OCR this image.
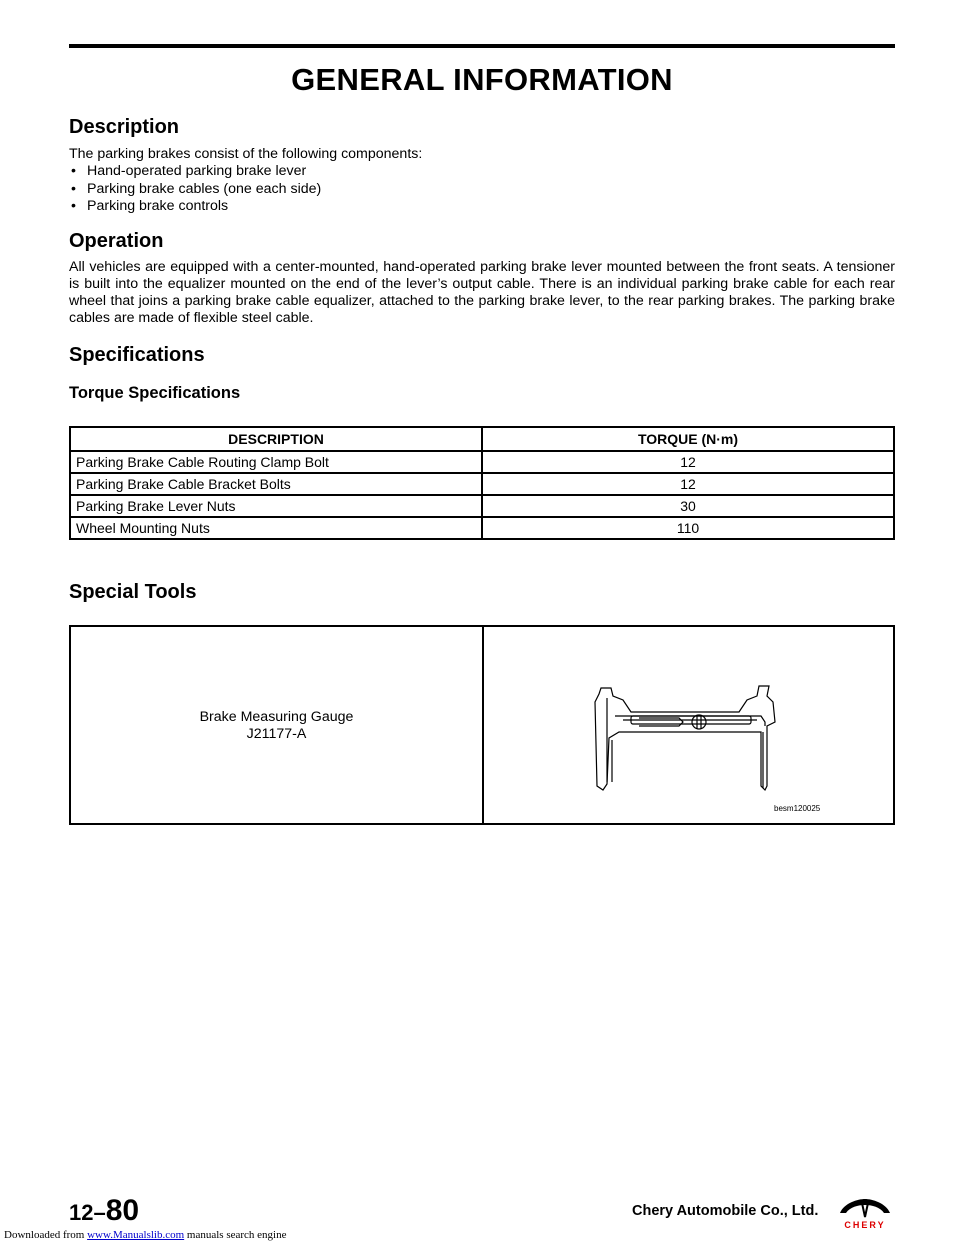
GENERAL INFORMATION
Description
The parking brakes consist of the following components:
• Hand-operated parking brake lever
• Parking brake cables (one each side)
• Parking brake controls
Operation
All vehicles are equipped with a center-mounted, hand-operated parking brake lever mounted between the front seats. A tensioner is built into the equalizer mounted on the end of the lever’s output cable. There is an individual parking brake cable for each rear wheel that joins a parking brake cable equalizer, attached to the parking brake lever, to the rear parking brakes. The parking brake cables are made of flexible steel cable.
Specifications
Torque Specifications
DESCRIPTION	TORQUE (N·m)
Parking Brake Cable Routing Clamp Bolt	12
Parking Brake Cable Bracket Bolts	12
Parking Brake Lever Nuts	30
Wheel Mounting Nuts	110
Special Tools
Brake Measuring Gauge
J21177-A
besm120025
12–80	Chery Automobile Co., Ltd.
CHERY
Downloaded from www.Manualslib.com manuals search engine
